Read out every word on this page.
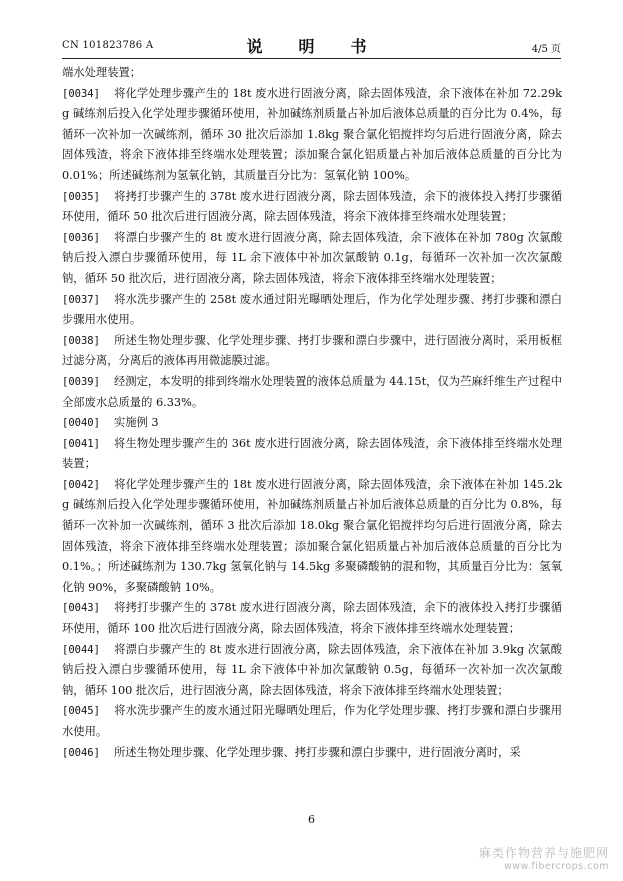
CN 101823786 A	说　明　书	4/5 页
端水处理装置；
[0034] 将化学处理步骤产生的 18t 废水进行固液分离，除去固体残渣，余下液体在补加 72.29kg 碱练剂后投入化学处理步骤循环使用，补加碱练剂质量占补加后液体总质量的百分比为 0.4%，每循环一次补加一次碱练剂，循环 30 批次后添加 1.8kg 聚合氯化铝搅拌均匀后进行固液分离，除去固体残渣，将余下液体排至终端水处理装置；添加聚合氯化铝质量占补加后液体总质量的百分比为 0.01%；所述碱练剂为氢氧化钠，其质量百分比为：氢氧化钠 100%。
[0035] 将拷打步骤产生的 378t 废水进行固液分离，除去固体残渣，余下的液体投入拷打步骤循环使用，循环 50 批次后进行固液分离，除去固体残渣，将余下液体排至终端水处理装置；
[0036] 将漂白步骤产生的 8t 废水进行固液分离，除去固体残渣，余下液体在补加 780g 次氯酸钠后投入漂白步骤循环使用，每 1L 余下液体中补加次氯酸钠 0.1g，每循环一次补加一次次氯酸钠，循环 50 批次后，进行固液分离，除去固体残渣，将余下液体排至终端水处理装置；
[0037] 将水洗步骤产生的 258t 废水通过阳光曝晒处理后，作为化学处理步骤、拷打步骤和漂白步骤用水使用。
[0038] 所述生物处理步骤、化学处理步骤、拷打步骤和漂白步骤中，进行固液分离时，采用板框过滤分离，分离后的液体再用微滤膜过滤。
[0039] 经测定，本发明的排到终端水处理装置的液体总质量为 44.15t，仅为苎麻纤维生产过程中全部废水总质量的 6.33%。
[0040] 实施例 3
[0041] 将生物处理步骤产生的 36t 废水进行固液分离，除去固体残渣，余下液体排至终端水处理装置；
[0042] 将化学处理步骤产生的 18t 废水进行固液分离，除去固体残渣，余下液体在补加 145.2kg 碱练剂后投入化学处理步骤循环使用，补加碱练剂质量占补加后液体总质量的百分比为 0.8%，每循环一次补加一次碱练剂，循环 3 批次后添加 18.0kg 聚合氯化铝搅拌均匀后进行固液分离，除去固体残渣，将余下液体排至终端水处理装置；添加聚合氯化铝质量占补加后液体总质量的百分比为 0.1%。；所述碱练剂为 130.7kg 氢氧化钠与 14.5kg 多聚磷酸钠的混和物，其质量百分比为：氢氧化钠 90%，多聚磷酸钠 10%。
[0043] 将拷打步骤产生的 378t 废水进行固液分离，除去固体残渣，余下的液体投入拷打步骤循环使用，循环 100 批次后进行固液分离，除去固体残渣，将余下液体排至终端水处理装置；
[0044] 将漂白步骤产生的 8t 废水进行固液分离，除去固体残渣，余下液体在补加 3.9kg 次氯酸钠后投入漂白步骤循环使用，每 1L 余下液体中补加次氯酸钠 0.5g，每循环一次补加一次次氯酸钠，循环 100 批次后，进行固液分离，除去固体残渣，将余下液体排至终端水处理装置；
[0045] 将水洗步骤产生的废水通过阳光曝晒处理后，作为化学处理步骤、拷打步骤和漂白步骤用水使用。
[0046] 所述生物处理步骤、化学处理步骤、拷打步骤和漂白步骤中，进行固液分离时，采
6
麻类作物营养与施肥网
www.fibercrops.com
